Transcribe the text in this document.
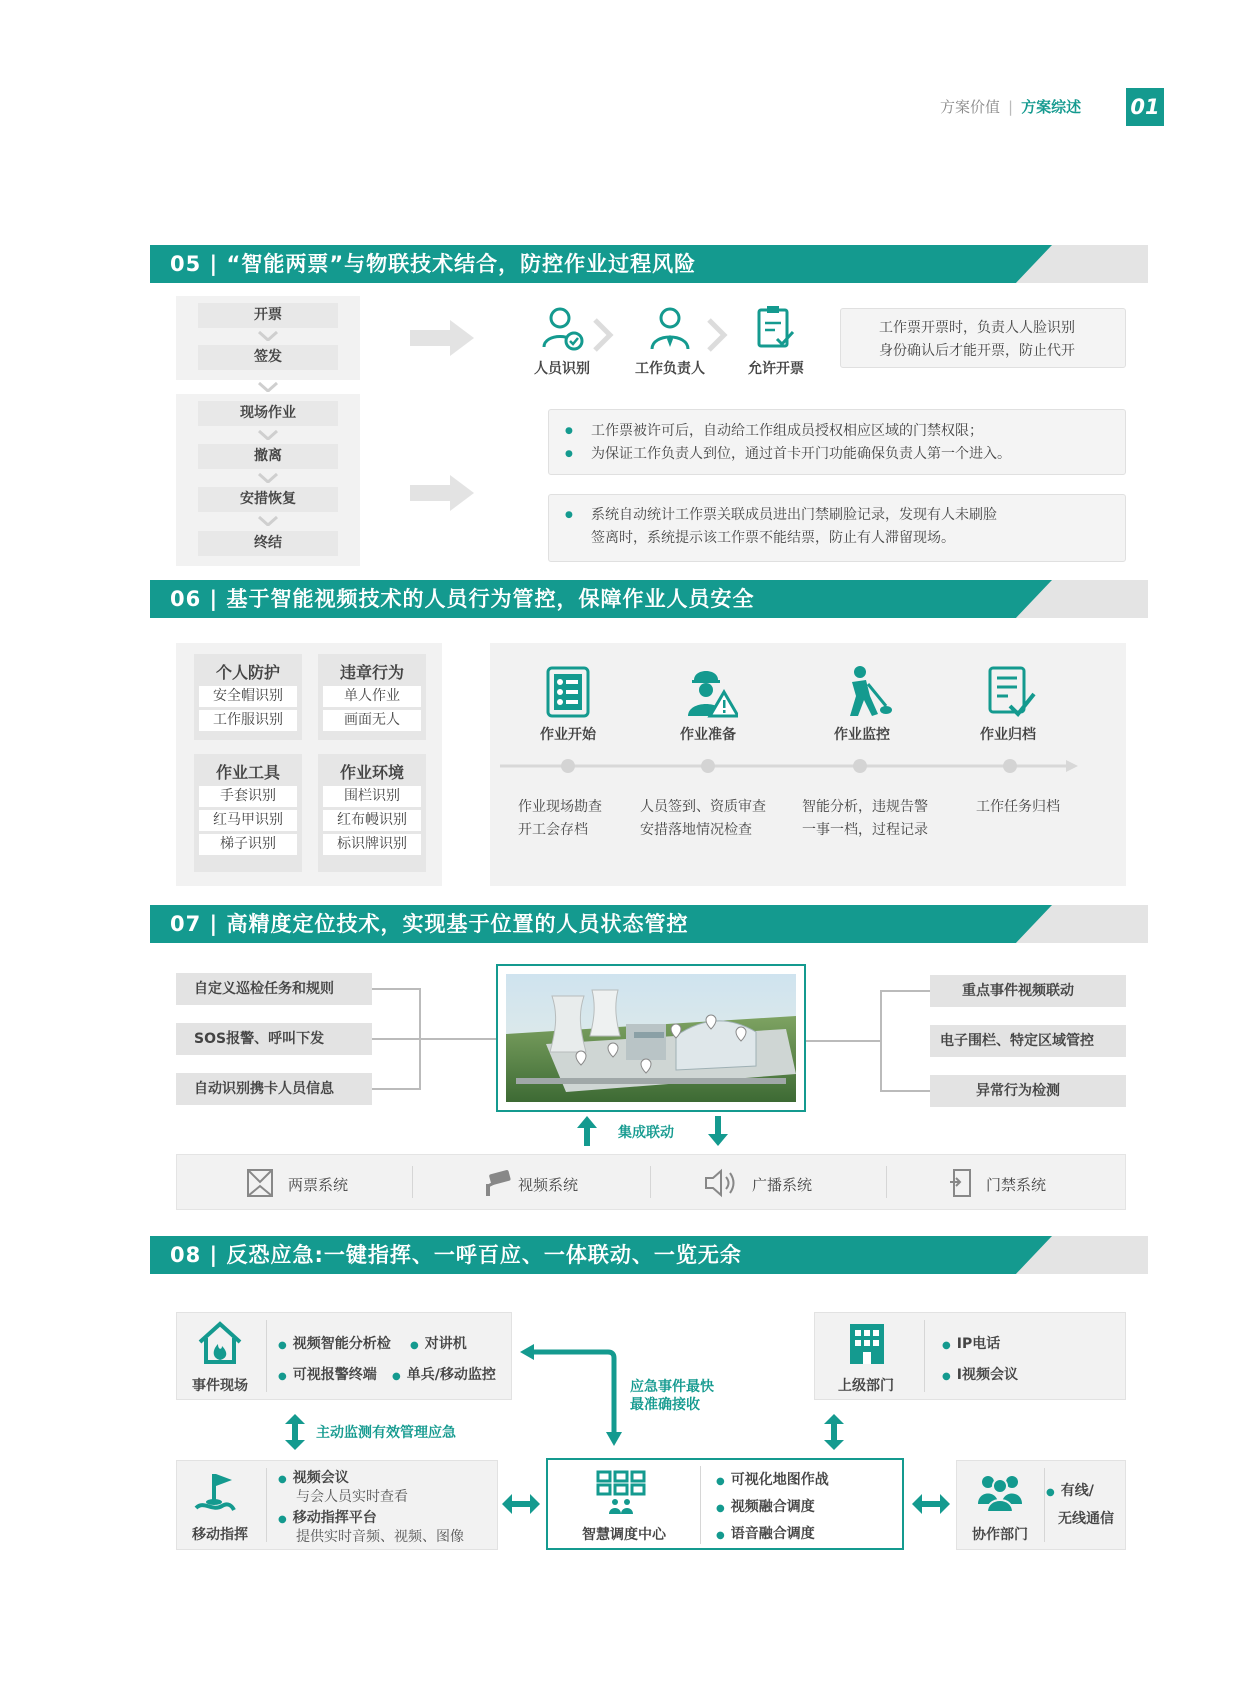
方案价值 | 方案综述 01
05 | “智能两票”与物联技术结合，防控作业过程风险
开票
签发
现场作业
撤离
安措恢复
终结
人员识别	工作负责人	允许开票
工作票开票时，负责人人脸识别
身份确认后才能开票，防止代开
● 工作票被许可后，自动给工作组成员授权相应区域的门禁权限；
● 为保证工作负责人到位，通过首卡开门功能确保负责人第一个进入。
● 系统自动统计工作票关联成员进出门禁刷脸记录，发现有人未刷脸
签离时，系统提示该工作票不能结票，防止有人滞留现场。
06 | 基于智能视频技术的人员行为管控，保障作业人员安全
个人防护
安全帽识别
工作服识别
违章行为
单人作业
画面无人
作业工具
手套识别
红马甲识别
梯子识别
作业环境
围栏识别
红布幔识别
标识牌识别
作业开始	作业准备	作业监控	作业归档
作业现场勘查
开工会存档
人员签到、资质审查
安措落地情况检查
智能分析，违规告警
一事一档，过程记录
工作任务归档
07 | 高精度定位技术，实现基于位置的人员状态管控
自定义巡检任务和规则
SOS报警、呼叫下发
自动识别携卡人员信息
重点事件视频联动
电子围栏、特定区域管控
异常行为检测
集成联动
两票系统	视频系统	广播系统	门禁系统
08 | 反恐应急:一键指挥、一呼百应、一体联动、一览无余
事件现场
● 视频智能分析检 ● 对讲机
● 可视报警终端 ● 单兵/移动监控
上级部门
● IP电话
● I视频会议
应急事件最快
最准确接收
主动监测有效管理应急
移动指挥
● 视频会议
与会人员实时查看
● 移动指挥平台
提供实时音频、视频、图像	智慧调度中心
● 可视化地图作战
● 视频融合调度
● 语音融合调度	协作部门
● 有线/
无线通信
